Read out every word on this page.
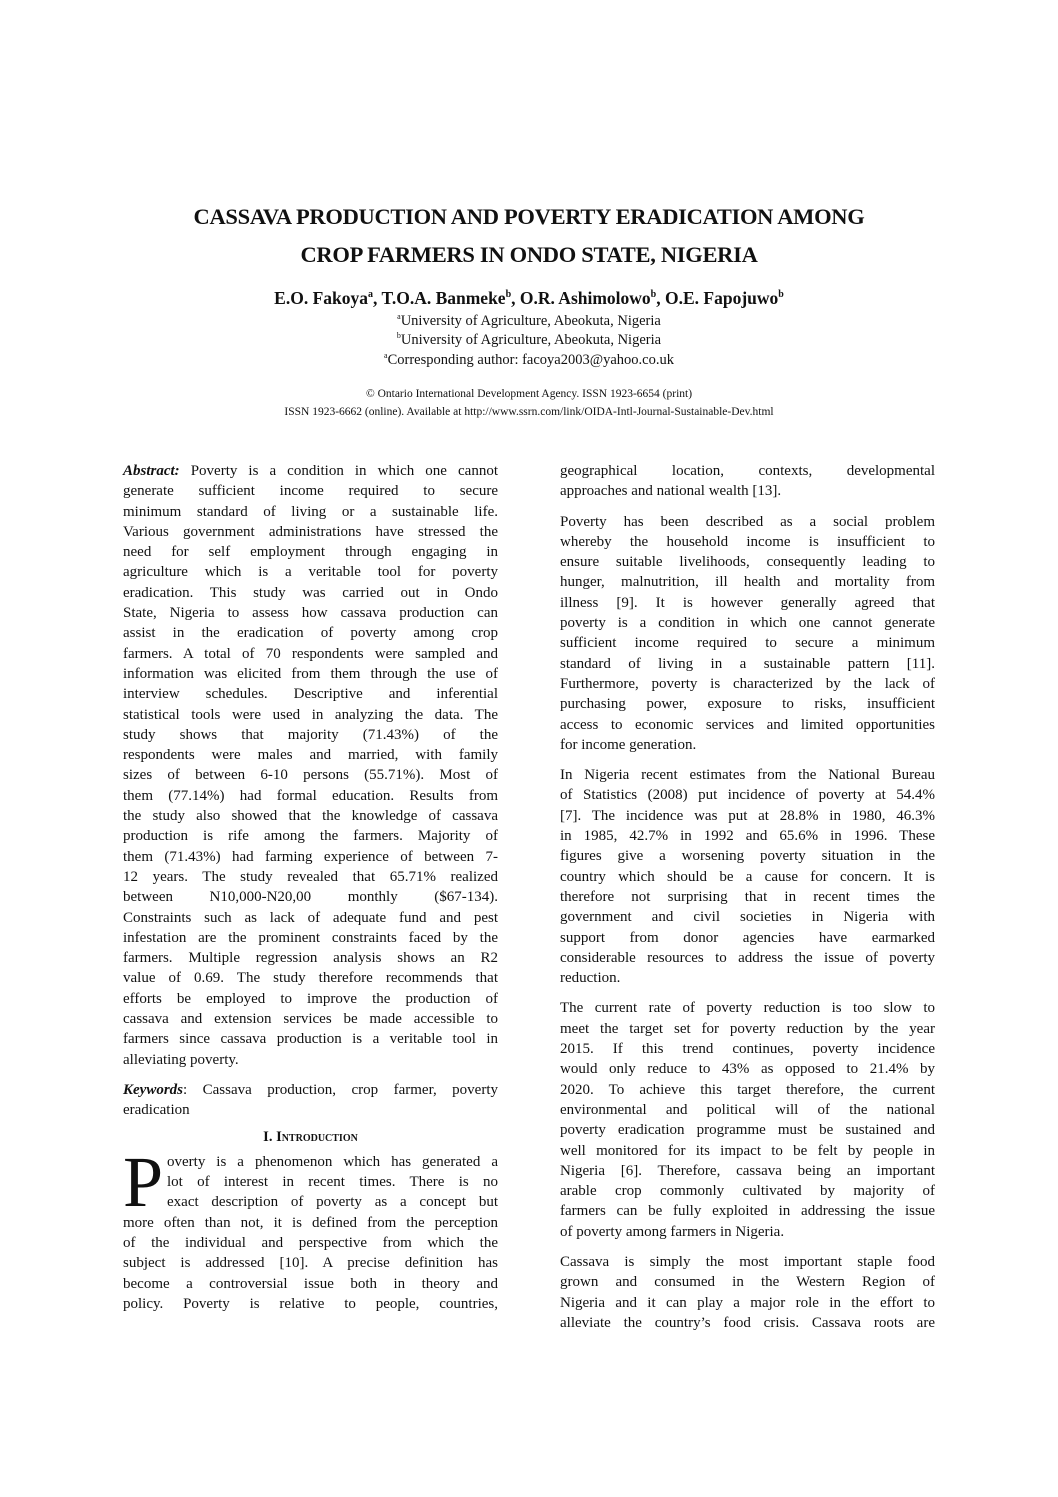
CASSAVA PRODUCTION AND POVERTY ERADICATION AMONG
CROP FARMERS IN ONDO STATE, NIGERIA
E.O. Fakoya$^a$, T.O.A. Banmeke$^b$, O.R. Ashimolowo$^b$, O.E. Fapojuwo$^b$
$^a$University of Agriculture, Abeokuta, Nigeria
$^b$University of Agriculture, Abeokuta, Nigeria
$^a$Corresponding author: facoya2003@yahoo.co.uk
© Ontario International Development Agency. ISSN 1923-6654 (print)
ISSN 1923-6662 (online). Available at http://www.ssrn.com/link/OIDA-Intl-Journal-Sustainable-Dev.html
Abstract: Poverty is a condition in which one cannot
generate sufficient income required to secure
minimum standard of living or a sustainable life.
Various government administrations have stressed the
need for self employment through engaging in
agriculture which is a veritable tool for poverty
eradication. This study was carried out in Ondo
State, Nigeria to assess how cassava production can
assist in the eradication of poverty among crop
farmers. A total of 70 respondents were sampled and
information was elicited from them through the use of
interview schedules. Descriptive and inferential
statistical tools were used in analyzing the data. The
study shows that majority (71.43%) of the
respondents were males and married, with family
sizes of between 6-10 persons (55.71%). Most of
them (77.14%) had formal education. Results from
the study also showed that the knowledge of cassava
production is rife among the farmers. Majority of
them (71.43%) had farming experience of between 7-
12 years. The study revealed that 65.71% realized
between N10,000-N20,00 monthly ($67-134).
Constraints such as lack of adequate fund and pest
infestation are the prominent constraints faced by the
farmers. Multiple regression analysis shows an R2
value of 0.69. The study therefore recommends that
efforts be employed to improve the production of
cassava and extension services be made accessible to
farmers since cassava production is a veritable tool in
alleviating poverty.
Keywords: Cassava production, crop farmer, poverty
eradication
I. Introduction
P overty is a phenomenon which has generated a
lot of interest in recent times. There is no
exact description of poverty as a concept but
more often than not, it is defined from the perception
of the individual and perspective from which the
subject is addressed [10]. A precise definition has
become a controversial issue both in theory and
policy. Poverty is relative to people, countries,
geographical location, contexts, developmental
approaches and national wealth [13].
Poverty has been described as a social problem
whereby the household income is insufficient to
ensure suitable livelihoods, consequently leading to
hunger, malnutrition, ill health and mortality from
illness [9]. It is however generally agreed that
poverty is a condition in which one cannot generate
sufficient income required to secure a minimum
standard of living in a sustainable pattern [11].
Furthermore, poverty is characterized by the lack of
purchasing power, exposure to risks, insufficient
access to economic services and limited opportunities
for income generation.
In Nigeria recent estimates from the National Bureau
of Statistics (2008) put incidence of poverty at 54.4%
[7]. The incidence was put at 28.8% in 1980, 46.3%
in 1985, 42.7% in 1992 and 65.6% in 1996. These
figures give a worsening poverty situation in the
country which should be a cause for concern. It is
therefore not surprising that in recent times the
government and civil societies in Nigeria with
support from donor agencies have earmarked
considerable resources to address the issue of poverty
reduction.
The current rate of poverty reduction is too slow to
meet the target set for poverty reduction by the year
2015. If this trend continues, poverty incidence
would only reduce to 43% as opposed to 21.4% by
2020. To achieve this target therefore, the current
environmental and political will of the national
poverty eradication programme must be sustained and
well monitored for its impact to be felt by people in
Nigeria [6]. Therefore, cassava being an important
arable crop commonly cultivated by majority of
farmers can be fully exploited in addressing the issue
of poverty among farmers in Nigeria.
Cassava is simply the most important staple food
grown and consumed in the Western Region of
Nigeria and it can play a major role in the effort to
alleviate the country’s food crisis. Cassava roots are
